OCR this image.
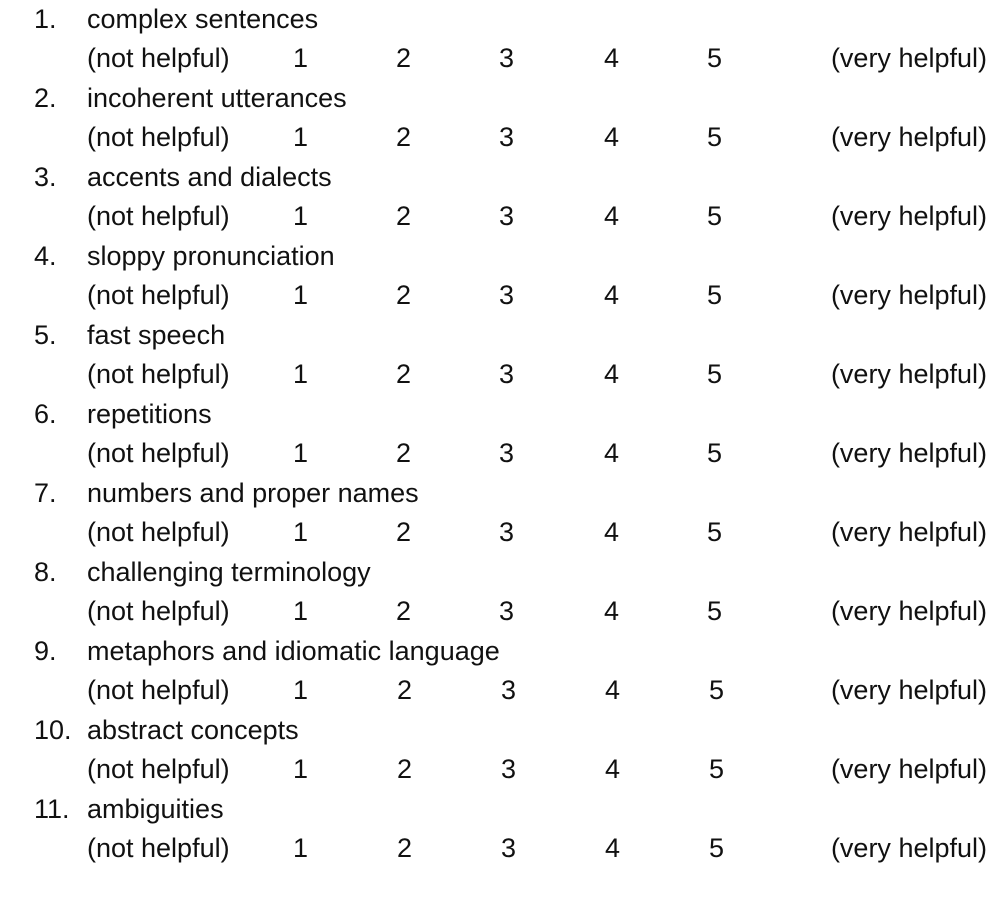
1. complex sentences
(not helpful) 1	2	3	4	5	(very helpful)
2. incoherent utterances
(not helpful) 1	2	3	4	5	(very helpful)
3. accents and dialects
(not helpful) 1	2	3	4	5	(very helpful)
4. sloppy pronunciation
(not helpful) 1	2	3	4	5	(very helpful)
5. fast speech
(not helpful) 1	2	3	4	5	(very helpful)
6. repetitions
(not helpful) 1	2	3	4	5	(very helpful)
7. numbers and proper names
(not helpful) 1	2	3	4	5	(very helpful)
8. challenging terminology
(not helpful) 1	2	3	4	5	(very helpful)
9. metaphors and idiomatic language
(not helpful) 1	2	3	4	5	(very helpful)
10. abstract concepts
(not helpful) 1	2	3	4	5	(very helpful)
11. ambiguities
(not helpful) 1	2	3	4	5	(very helpful)
